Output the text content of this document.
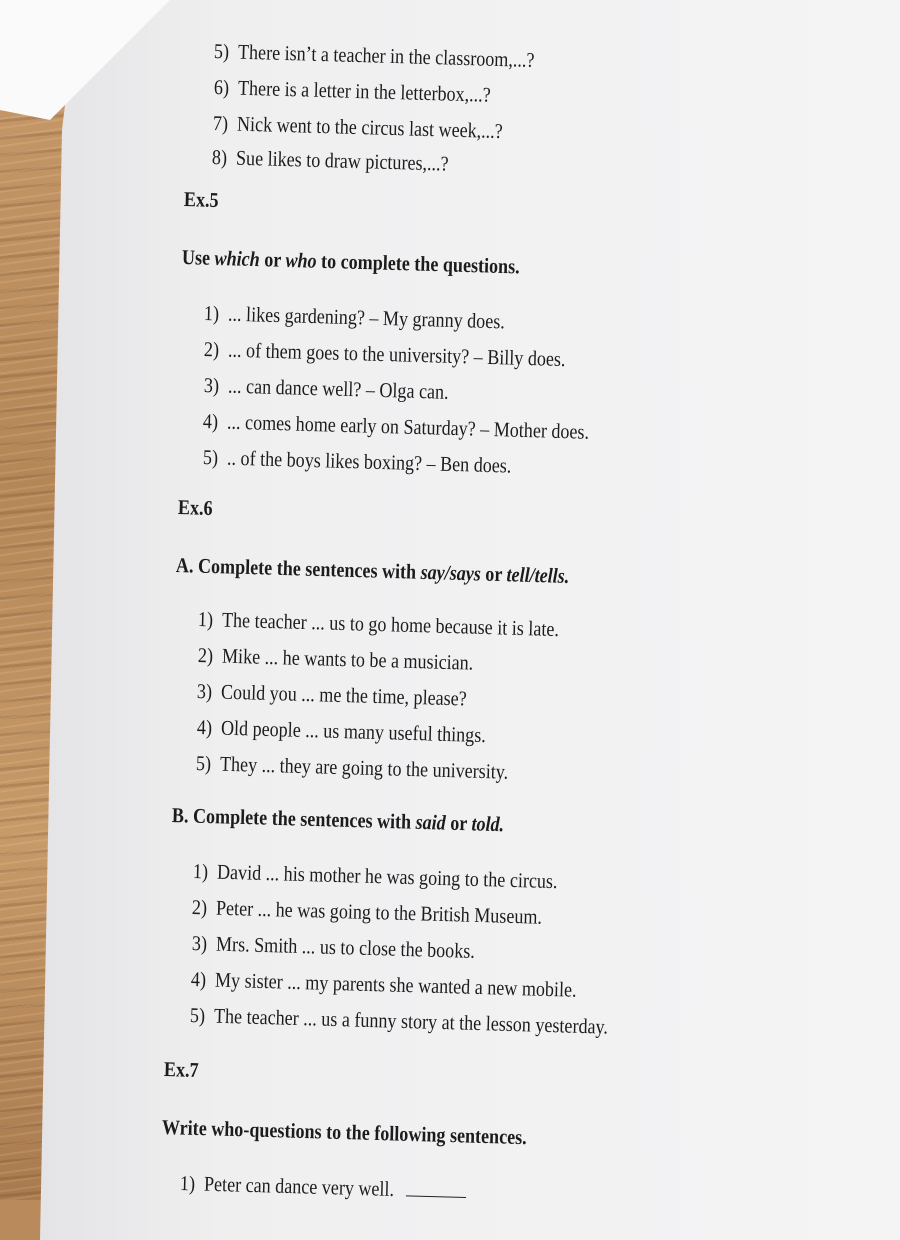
5) There isn’t a teacher in the classroom,...?
6) There is a letter in the letterbox,...?
7) Nick went to the circus last week,...?
8) Sue likes to draw pictures,...?
Ex.5
Use which or who to complete the questions.
1) ... likes gardening? – My granny does.
2) ... of them goes to the university? – Billy does.
3) ... can dance well? – Olga can.
4) ... comes home early on Saturday? – Mother does.
5) .. of the boys likes boxing? – Ben does.
Ex.6
A. Complete the sentences with say/says or tell/tells.
1) The teacher ... us to go home because it is late.
2) Mike ... he wants to be a musician.
3) Could you ... me the time, please?
4) Old people ... us many useful things.
5) They ... they are going to the university.
B. Complete the sentences with said or told.
1) David ... his mother he was going to the circus.
2) Peter ... he was going to the British Museum.
3) Mrs. Smith ... us to close the books.
4) My sister ... my parents she wanted a new mobile.
5) The teacher ... us a funny story at the lesson yesterday.
Ex.7
Write who-questions to the following sentences.
1) Peter can dance very well.
